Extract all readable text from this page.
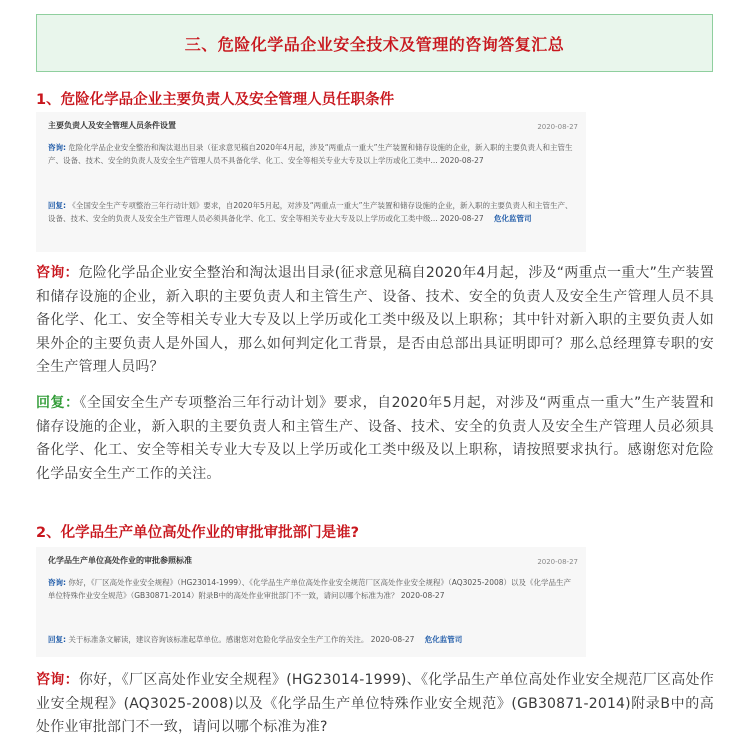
三、危险化学品企业安全技术及管理的咨询答复汇总
1、危险化学品企业主要负责人及安全管理人员任职条件
主要负责人及安全管理人员条件设置	2020-08-27
咨询: 危险化学品企业安全整治和淘汰退出目录（征求意见稿自2020年4月起，涉及“两重点一重大”生产装置和储存设施的企业，新入职的主要负责人和主管生产、设备、技术、安全的负责人及安全生产管理人员不具备化学、化工、安全等相关专业大专及以上学历或化工类中... 2020-08-27
回复: 《全国安全生产专项整治三年行动计划》要求，自2020年5月起，对涉及“两重点一重大”生产装置和储存设施的企业，新入职的主要负责人和主管生产、设备、技术、安全的负责人及安全生产管理人员必须具备化学、化工、安全等相关专业大专及以上学历或化工类中级... 2020-08-27 危化监管司
咨询：危险化学品企业安全整治和淘汰退出目录(征求意见稿自2020年4月起，涉及“两重点一重大”生产装置和储存设施的企业，新入职的主要负责人和主管生产、设备、技术、安全的负责人及安全生产管理人员不具备化学、化工、安全等相关专业大专及以上学历或化工类中级及以上职称；其中针对新入职的主要负责人如果外企的主要负责人是外国人，那么如何判定化工背景，是否由总部出具证明即可？那么总经理算专职的安全生产管理人员吗？
回复：《全国安全生产专项整治三年行动计划》要求，自2020年5月起，对涉及“两重点一重大”生产装置和储存设施的企业，新入职的主要负责人和主管生产、设备、技术、安全的负责人及安全生产管理人员必须具备化学、化工、安全等相关专业大专及以上学历或化工类中级及以上职称，请按照要求执行。感谢您对危险化学品安全生产工作的关注。
2、化学品生产单位高处作业的审批审批部门是谁?
化学品生产单位高处作业的审批参照标准	2020-08-27
咨询: 你好，《厂区高处作业安全规程》（HG23014-1999）、《化学品生产单位高处作业安全规范厂区高处作业安全规程》（AQ3025-2008）以及《化学品生产单位特殊作业安全规范》（GB30871-2014）附录B中的高处作业审批部门不一致，请问以哪个标准为准？ 2020-08-27
回复: 关于标准条文解读，建议咨询该标准起草单位。感谢您对危险化学品安全生产工作的关注。 2020-08-27 危化监管司
咨询：你好，《厂区高处作业安全规程》(HG23014-1999)、《化学品生产单位高处作业安全规范厂区高处作业安全规程》(AQ3025-2008)以及《化学品生产单位特殊作业安全规范》(GB30871-2014)附录B中的高处作业审批部门不一致，请问以哪个标准为准?
